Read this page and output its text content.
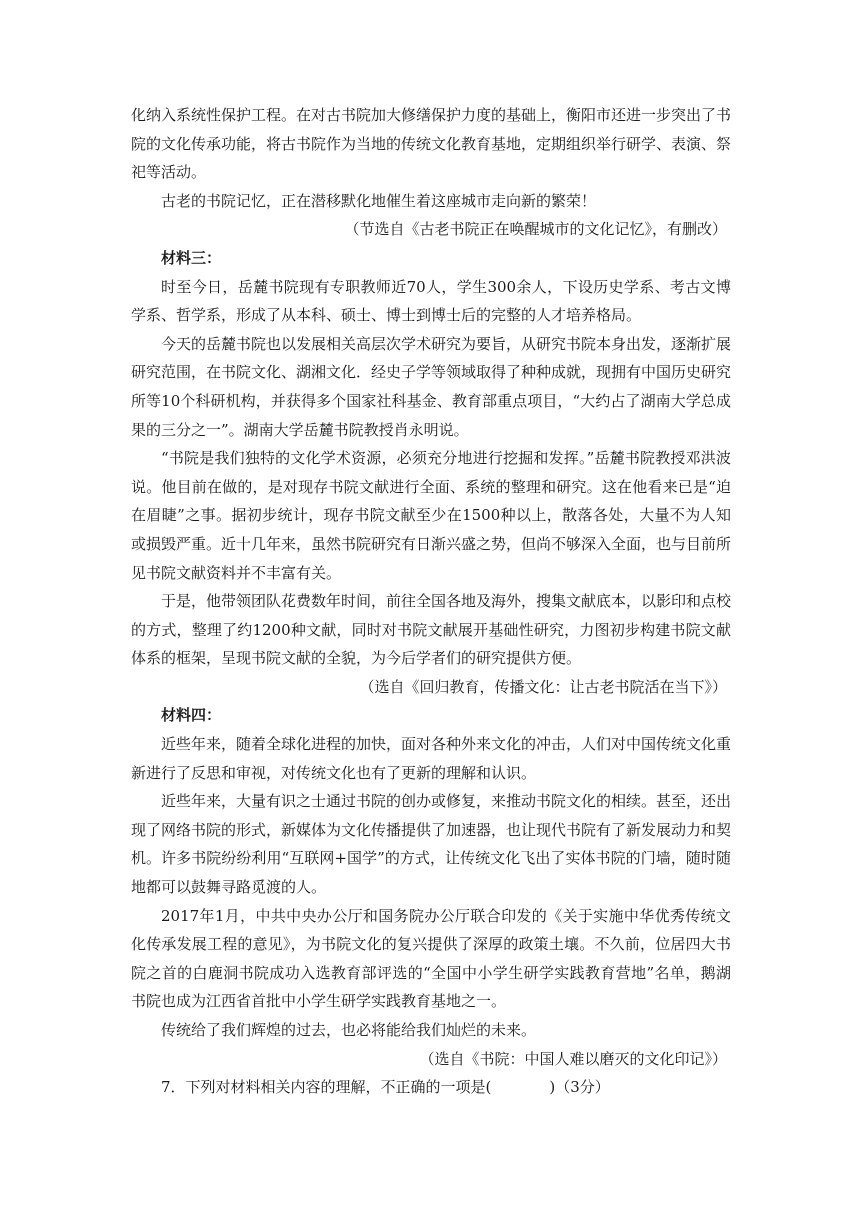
化纳入系统性保护工程。在对古书院加大修缮保护力度的基础上，衡阳市还进一步突出了书院的文化传承功能，将古书院作为当地的传统文化教育基地，定期组织举行研学、表演、祭祀等活动。

古老的书院记忆，正在潜移默化地催生着这座城市走向新的繁荣！

（节选自《古老书院正在唤醒城市的文化记忆》，有删改）

材料三：

时至今日，岳麓书院现有专职教师近70人，学生300余人，下设历史学系、考古文博学系、哲学系，形成了从本科、硕士、博士到博士后的完整的人才培养格局。

今天的岳麓书院也以发展相关高层次学术研究为要旨，从研究书院本身出发，逐渐扩展研究范围，在书院文化、湖湘文化．经史子学等领域取得了种种成就，现拥有中国历史研究所等10个科研机构，并获得多个国家社科基金、教育部重点项目，“大约占了湖南大学总成果的三分之一”。湖南大学岳麓书院教授肖永明说。

“书院是我们独特的文化学术资源，必须充分地进行挖掘和发挥。”岳麓书院教授邓洪波说。他目前在做的，是对现存书院文献进行全面、系统的整理和研究。这在他看来已是“迫在眉睫”之事。据初步统计，现存书院文献至少在1500种以上，散落各处，大量不为人知或损毁严重。近十几年来，虽然书院研究有日渐兴盛之势，但尚不够深入全面，也与目前所见书院文献资料并不丰富有关。

于是，他带领团队花费数年时间，前往全国各地及海外，搜集文献底本，以影印和点校的方式，整理了约1200种文献，同时对书院文献展开基础性研究，力图初步构建书院文献体系的框架，呈现书院文献的全貌，为今后学者们的研究提供方便。

（选自《回归教育，传播文化：让古老书院活在当下》）

材料四：

近些年来，随着全球化进程的加快，面对各种外来文化的冲击，人们对中国传统文化重新进行了反思和审视，对传统文化也有了更新的理解和认识。

近些年来，大量有识之士通过书院的创办或修复，来推动书院文化的相续。甚至，还出现了网络书院的形式，新媒体为文化传播提供了加速器，也让现代书院有了新发展动力和契机。许多书院纷纷利用“互联网+国学”的方式，让传统文化飞出了实体书院的门墙，随时随地都可以鼓舞寻路觅渡的人。

2017年1月，中共中央办公厅和国务院办公厅联合印发的《关于实施中华优秀传统文化传承发展工程的意见》，为书院文化的复兴提供了深厚的政策土壤。不久前，位居四大书院之首的白鹿洞书院成功入选教育部评选的“全国中小学生研学实践教育营地”名单，鹅湖书院也成为江西省首批中小学生研学实践教育基地之一。

传统给了我们辉煌的过去，也必将能给我们灿烂的未来。

（选自《书院：中国人难以磨灭的文化印记》）

7．下列对材料相关内容的理解，不正确的一项是(	)（3分）
